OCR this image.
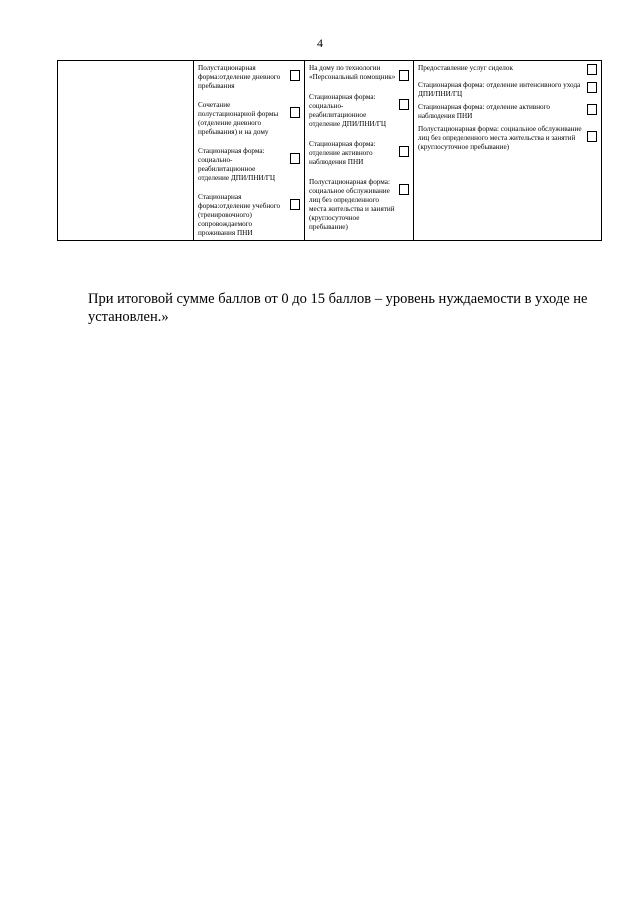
4

Полустационарная форма:отделение дневного пребывания
Сочетание полустационарной формы (отделение дневного пребывания) и на дому
Стационарная форма: социально-реабилитационное отделение ДПИ/ПНИ/ГЦ
Стационарная форма:отделение учебного (тренировочного) сопровождаемого проживания ПНИ

На дому по технологии «Персональный помощник»
Стационарная форма: социально-реабилитационное отделение ДПИ/ПНИ/ГЦ
Стационарная форма: отделение активного наблюдения ПНИ
Полустационарная форма: социальное обслуживание лиц без определенного места жительства и занятий (круглосуточное пребывание)

Предоставление услуг сиделок
Стационарная форма: отделение интенсивного ухода ДПИ/ПНИ/ГЦ
Стационарная форма: отделение активного наблюдения ПНИ
Полустационарная форма: социальное обслуживание лиц без определенного места жительства и занятий (круглосуточное пребывание)
При итоговой сумме баллов от 0 до 15 баллов – уровень нуждаемости в уходе не установлен.»
